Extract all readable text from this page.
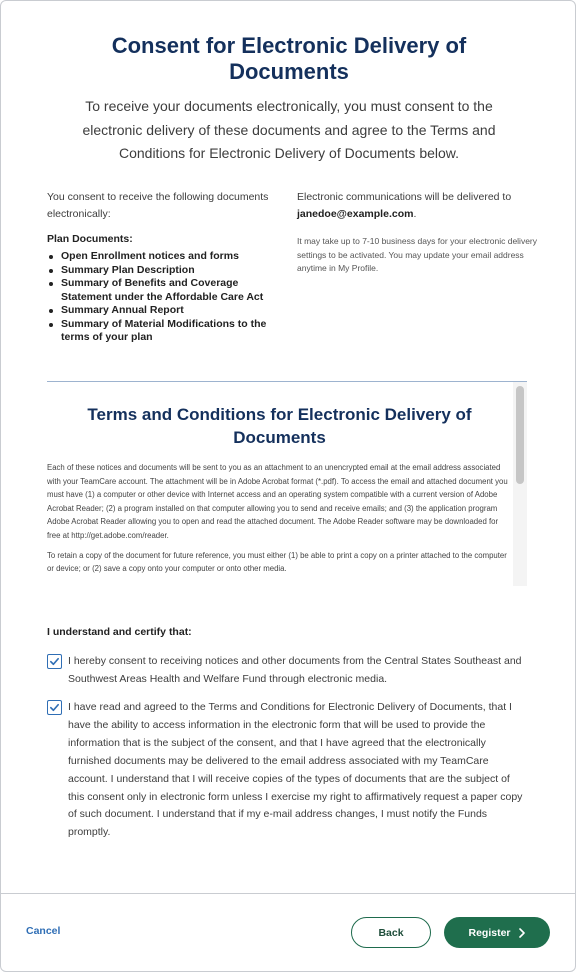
Consent for Electronic Delivery of Documents

To receive your documents electronically, you must consent to the electronic delivery of these documents and agree to the Terms and Conditions for Electronic Delivery of Documents below.

You consent to receive the following documents electronically:

Plan Documents:

Open Enrollment notices and forms
Summary Plan Description
Summary of Benefits and Coverage Statement under the Affordable Care Act
Summary Annual Report
Summary of Material Modifications to the terms of your plan

Electronic communications will be delivered to
janedoe@example.com.

It may take up to 7-10 business days for your electronic delivery settings to be activated. You may update your email address anytime in My Profile.

Terms and Conditions for Electronic Delivery of Documents

Each of these notices and documents will be sent to you as an attachment to an unencrypted email at the email address associated with your TeamCare account. The attachment will be in Adobe Acrobat format (*.pdf). To access the email and attached document you must have (1) a computer or other device with Internet access and an operating system compatible with a current version of Adobe Acrobat Reader; (2) a program installed on that computer allowing you to send and receive emails; and (3) the application program Adobe Acrobat Reader allowing you to open and read the attached document. The Adobe Reader software may be downloaded for free at http://get.adobe.com/reader.

To retain a copy of the document for future reference, you must either (1) be able to print a copy on a printer attached to the computer or device; or (2) save a copy onto your computer or onto other media.

I understand and certify that:

I hereby consent to receiving notices and other documents from the Central States Southeast and Southwest Areas Health and Welfare Fund through electronic media.
I have read and agreed to the Terms and Conditions for Electronic Delivery of Documents, that I have the ability to access information in the electronic form that will be used to provide the information that is the subject of the consent, and that I have agreed that the electronically furnished documents may be delivered to the email address associated with my TeamCare account. I understand that I will receive copies of the types of documents that are the subject of this consent only in electronic form unless I exercise my right to affirmatively request a paper copy of such document. I understand that if my e-mail address changes, I must notify the Funds promptly.
Cancel	Back	Register
